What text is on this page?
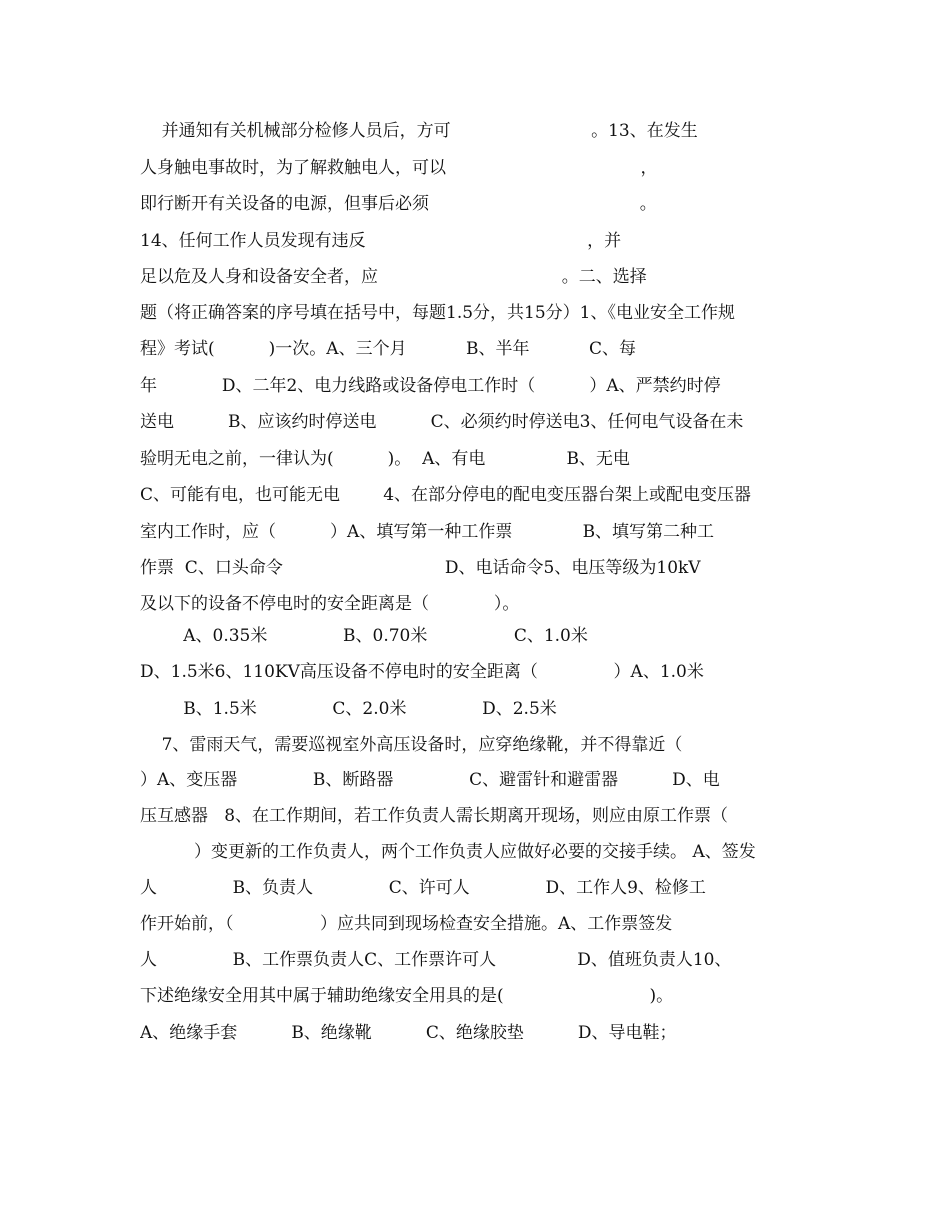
并通知有关机械部分检修人员后，方可                          。13、在发生
人身触电事故时，为了解救触电人，可以                                    ，
即行断开有关设备的电源，但事后必须                                       。
14、任何工作人员发现有违反                                         ，并
足以危及人身和设备安全者，应                                  。二、选择
题（将正确答案的序号填在括号中，每题1.5分，共15分）1、《电业安全工作规
程》考试(          )一次。A、三个月           B、半年           C、每
年            D、二年2、电力线路或设备停电工作时（          ）A、严禁约时停
送电          B、应该约时停送电          C、必须约时停送电3、任何电气设备在未
验明无电之前，一律认为(          )。  A、有电               B、无电
C、可能有电，也可能无电        4、在部分停电的配电变压器台架上或配电变压器
室内工作时，应（          ）A、填写第一种工作票             B、填写第二种工
作票  C、口头命令                              D、电话命令5、电压等级为10kV
及以下的设备不停电时的安全距离是（            ）。
A、0.35米              B、0.70米                C、1.0米
D、1.5米6、110KV高压设备不停电时的安全距离（              ）A、1.0米
B、1.5米              C、2.0米              D、2.5米
7、雷雨天气，需要巡视室外高压设备时，应穿绝缘靴，并不得靠近（
）A、变压器              B、断路器              C、避雷针和避雷器          D、电
压互感器   8、在工作期间，若工作负责人需长期离开现场，则应由原工作票（
）变更新的工作负责人，两个工作负责人应做好必要的交接手续。 A、签发
人              B、负责人              C、许可人              D、工作人9、检修工
作开始前，（                ）应共同到现场检查安全措施。A、工作票签发
人              B、工作票负责人C、工作票许可人               D、值班负责人10、
下述绝缘安全用其中属于辅助绝缘安全用具的是(                           )。
A、绝缘手套          B、绝缘靴          C、绝缘胶垫          D、导电鞋；
